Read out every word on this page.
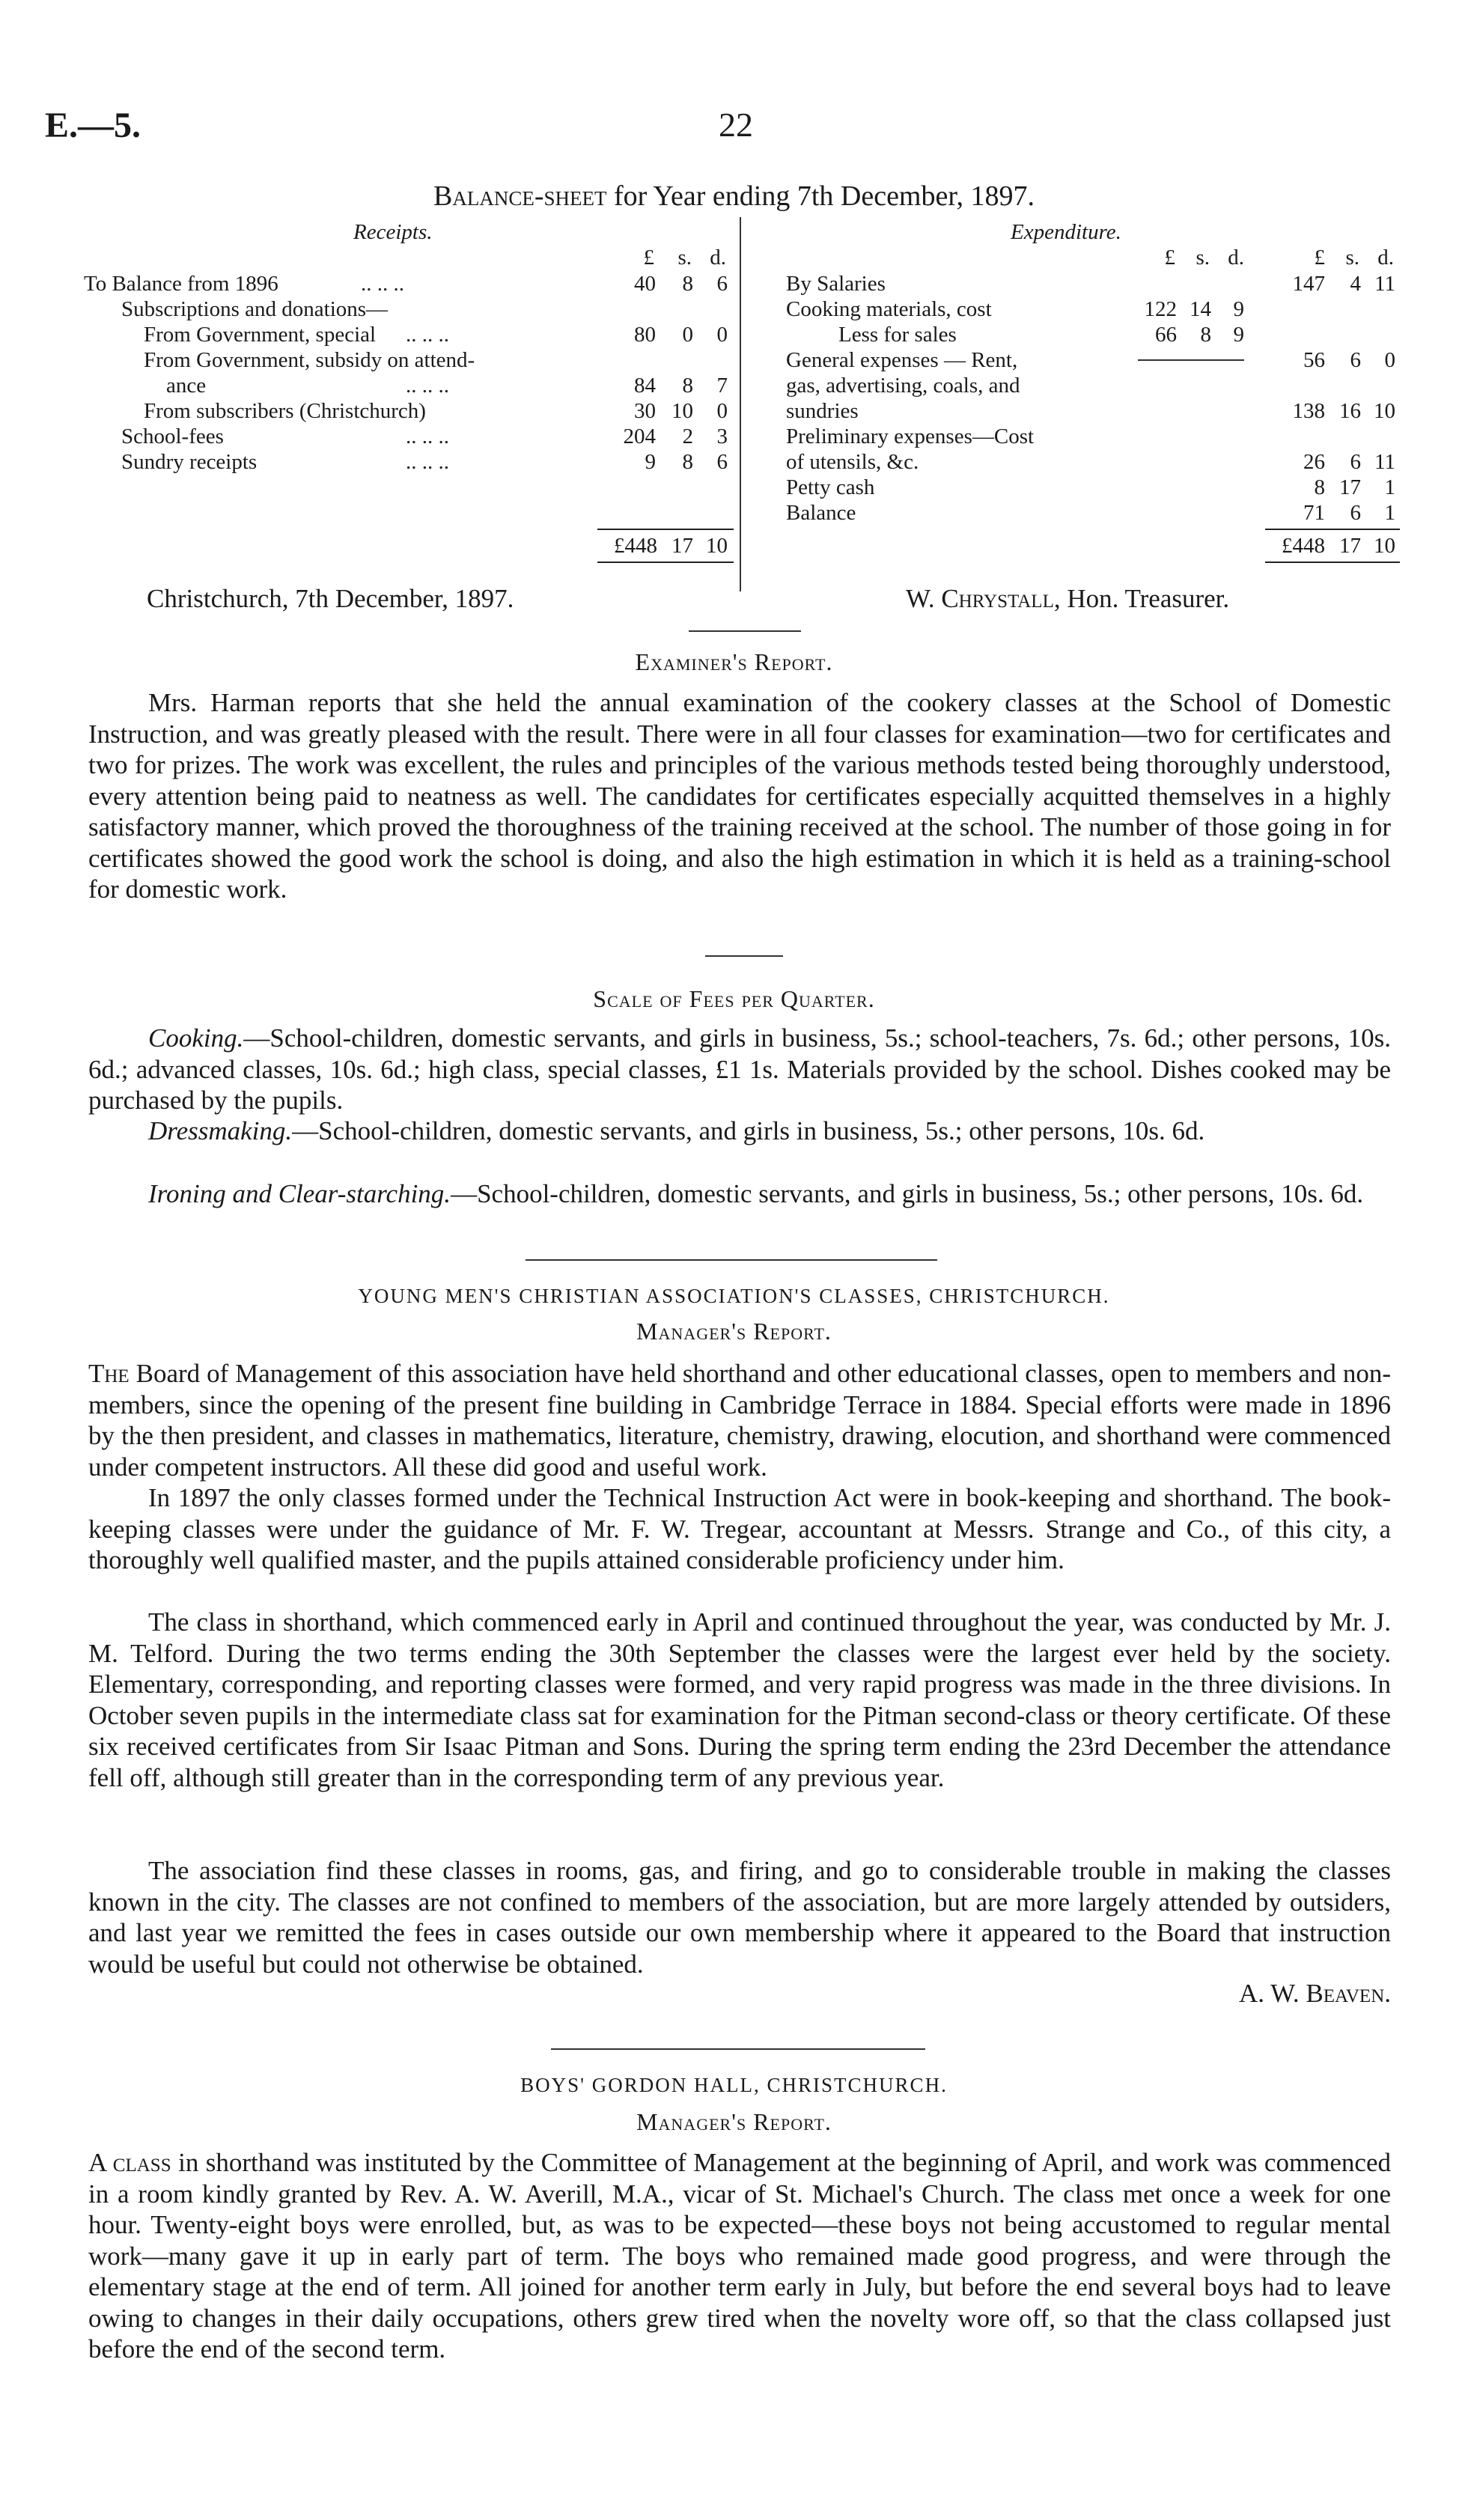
E.—5.	22
Balance-sheet for Year ending 7th December, 1897.
Receipts.
£	s. d.
To Balance from 1896	.. .. ..	40	8	6
Subscriptions and donations—
From Government, special .. .. ..	80	0	0
From Government, subsidy on attend-
ance	.. .. ..	84	8	7
From subscribers (Christchurch)	30 10	0
School-fees	.. .. ..	204	2	3
Sundry receipts	.. .. ..	9	8	6
£448 17 10
Expenditure.
£ s. d.	£ s. d.
By Salaries	147	4 11
Cooking materials, cost	122 14	9
Less for sales	66	8	9
General expenses — Rent,	56	6	0
gas, advertising, coals, and
sundries	138 16 10
Preliminary expenses—Cost
of utensils, &c.	26	6 11
Petty cash	8 17	1
Balance	71	6	1
£448 17 10
Christchurch, 7th December, 1897.	W. Chrystall, Hon. Treasurer.
Examiner's Report.
Mrs. Harman reports that she held the annual examination of the cookery classes at the School of Domestic Instruction, and was greatly pleased with the result. There were in all four classes for examination—two for certificates and two for prizes. The work was excellent, the rules and principles of the various methods tested being thoroughly understood, every attention being paid to neatness as well. The candidates for certificates especially acquitted themselves in a highly satisfactory manner, which proved the thoroughness of the training received at the school. The number of those going in for certificates showed the good work the school is doing, and also the high estimation in which it is held as a training-school for domestic work.
Scale of Fees per Quarter.
Cooking.—School-children, domestic servants, and girls in business, 5s.; school-teachers, 7s. 6d.; other persons, 10s. 6d.; advanced classes, 10s. 6d.; high class, special classes, £1 1s. Materials provided by the school. Dishes cooked may be purchased by the pupils.
Dressmaking.—School-children, domestic servants, and girls in business, 5s.; other persons, 10s. 6d.
Ironing and Clear-starching.—School-children, domestic servants, and girls in business, 5s.; other persons, 10s. 6d.
YOUNG MEN'S CHRISTIAN ASSOCIATION'S CLASSES, CHRISTCHURCH.
Manager's Report.
The Board of Management of this association have held shorthand and other educational classes, open to members and non-members, since the opening of the present fine building in Cambridge Terrace in 1884. Special efforts were made in 1896 by the then president, and classes in mathematics, literature, chemistry, drawing, elocution, and shorthand were commenced under competent instructors. All these did good and useful work.
In 1897 the only classes formed under the Technical Instruction Act were in book-keeping and shorthand. The book-keeping classes were under the guidance of Mr. F. W. Tregear, accountant at Messrs. Strange and Co., of this city, a thoroughly well qualified master, and the pupils attained considerable proficiency under him.
The class in shorthand, which commenced early in April and continued throughout the year, was conducted by Mr. J. M. Telford. During the two terms ending the 30th September the classes were the largest ever held by the society. Elementary, corresponding, and reporting classes were formed, and very rapid progress was made in the three divisions. In October seven pupils in the intermediate class sat for examination for the Pitman second-class or theory certificate. Of these six received certificates from Sir Isaac Pitman and Sons. During the spring term ending the 23rd December the attendance fell off, although still greater than in the corresponding term of any previous year.
The association find these classes in rooms, gas, and firing, and go to considerable trouble in making the classes known in the city. The classes are not confined to members of the association, but are more largely attended by outsiders, and last year we remitted the fees in cases outside our own membership where it appeared to the Board that instruction would be useful but could not otherwise be obtained.
A. W. Beaven.
BOYS' GORDON HALL, CHRISTCHURCH.
Manager's Report.
A class in shorthand was instituted by the Committee of Management at the beginning of April, and work was commenced in a room kindly granted by Rev. A. W. Averill, M.A., vicar of St. Michael's Church. The class met once a week for one hour. Twenty-eight boys were enrolled, but, as was to be expected—these boys not being accustomed to regular mental work—many gave it up in early part of term. The boys who remained made good progress, and were through the elementary stage at the end of term. All joined for another term early in July, but before the end several boys had to leave owing to changes in their daily occupations, others grew tired when the novelty wore off, so that the class collapsed just before the end of the second term.
